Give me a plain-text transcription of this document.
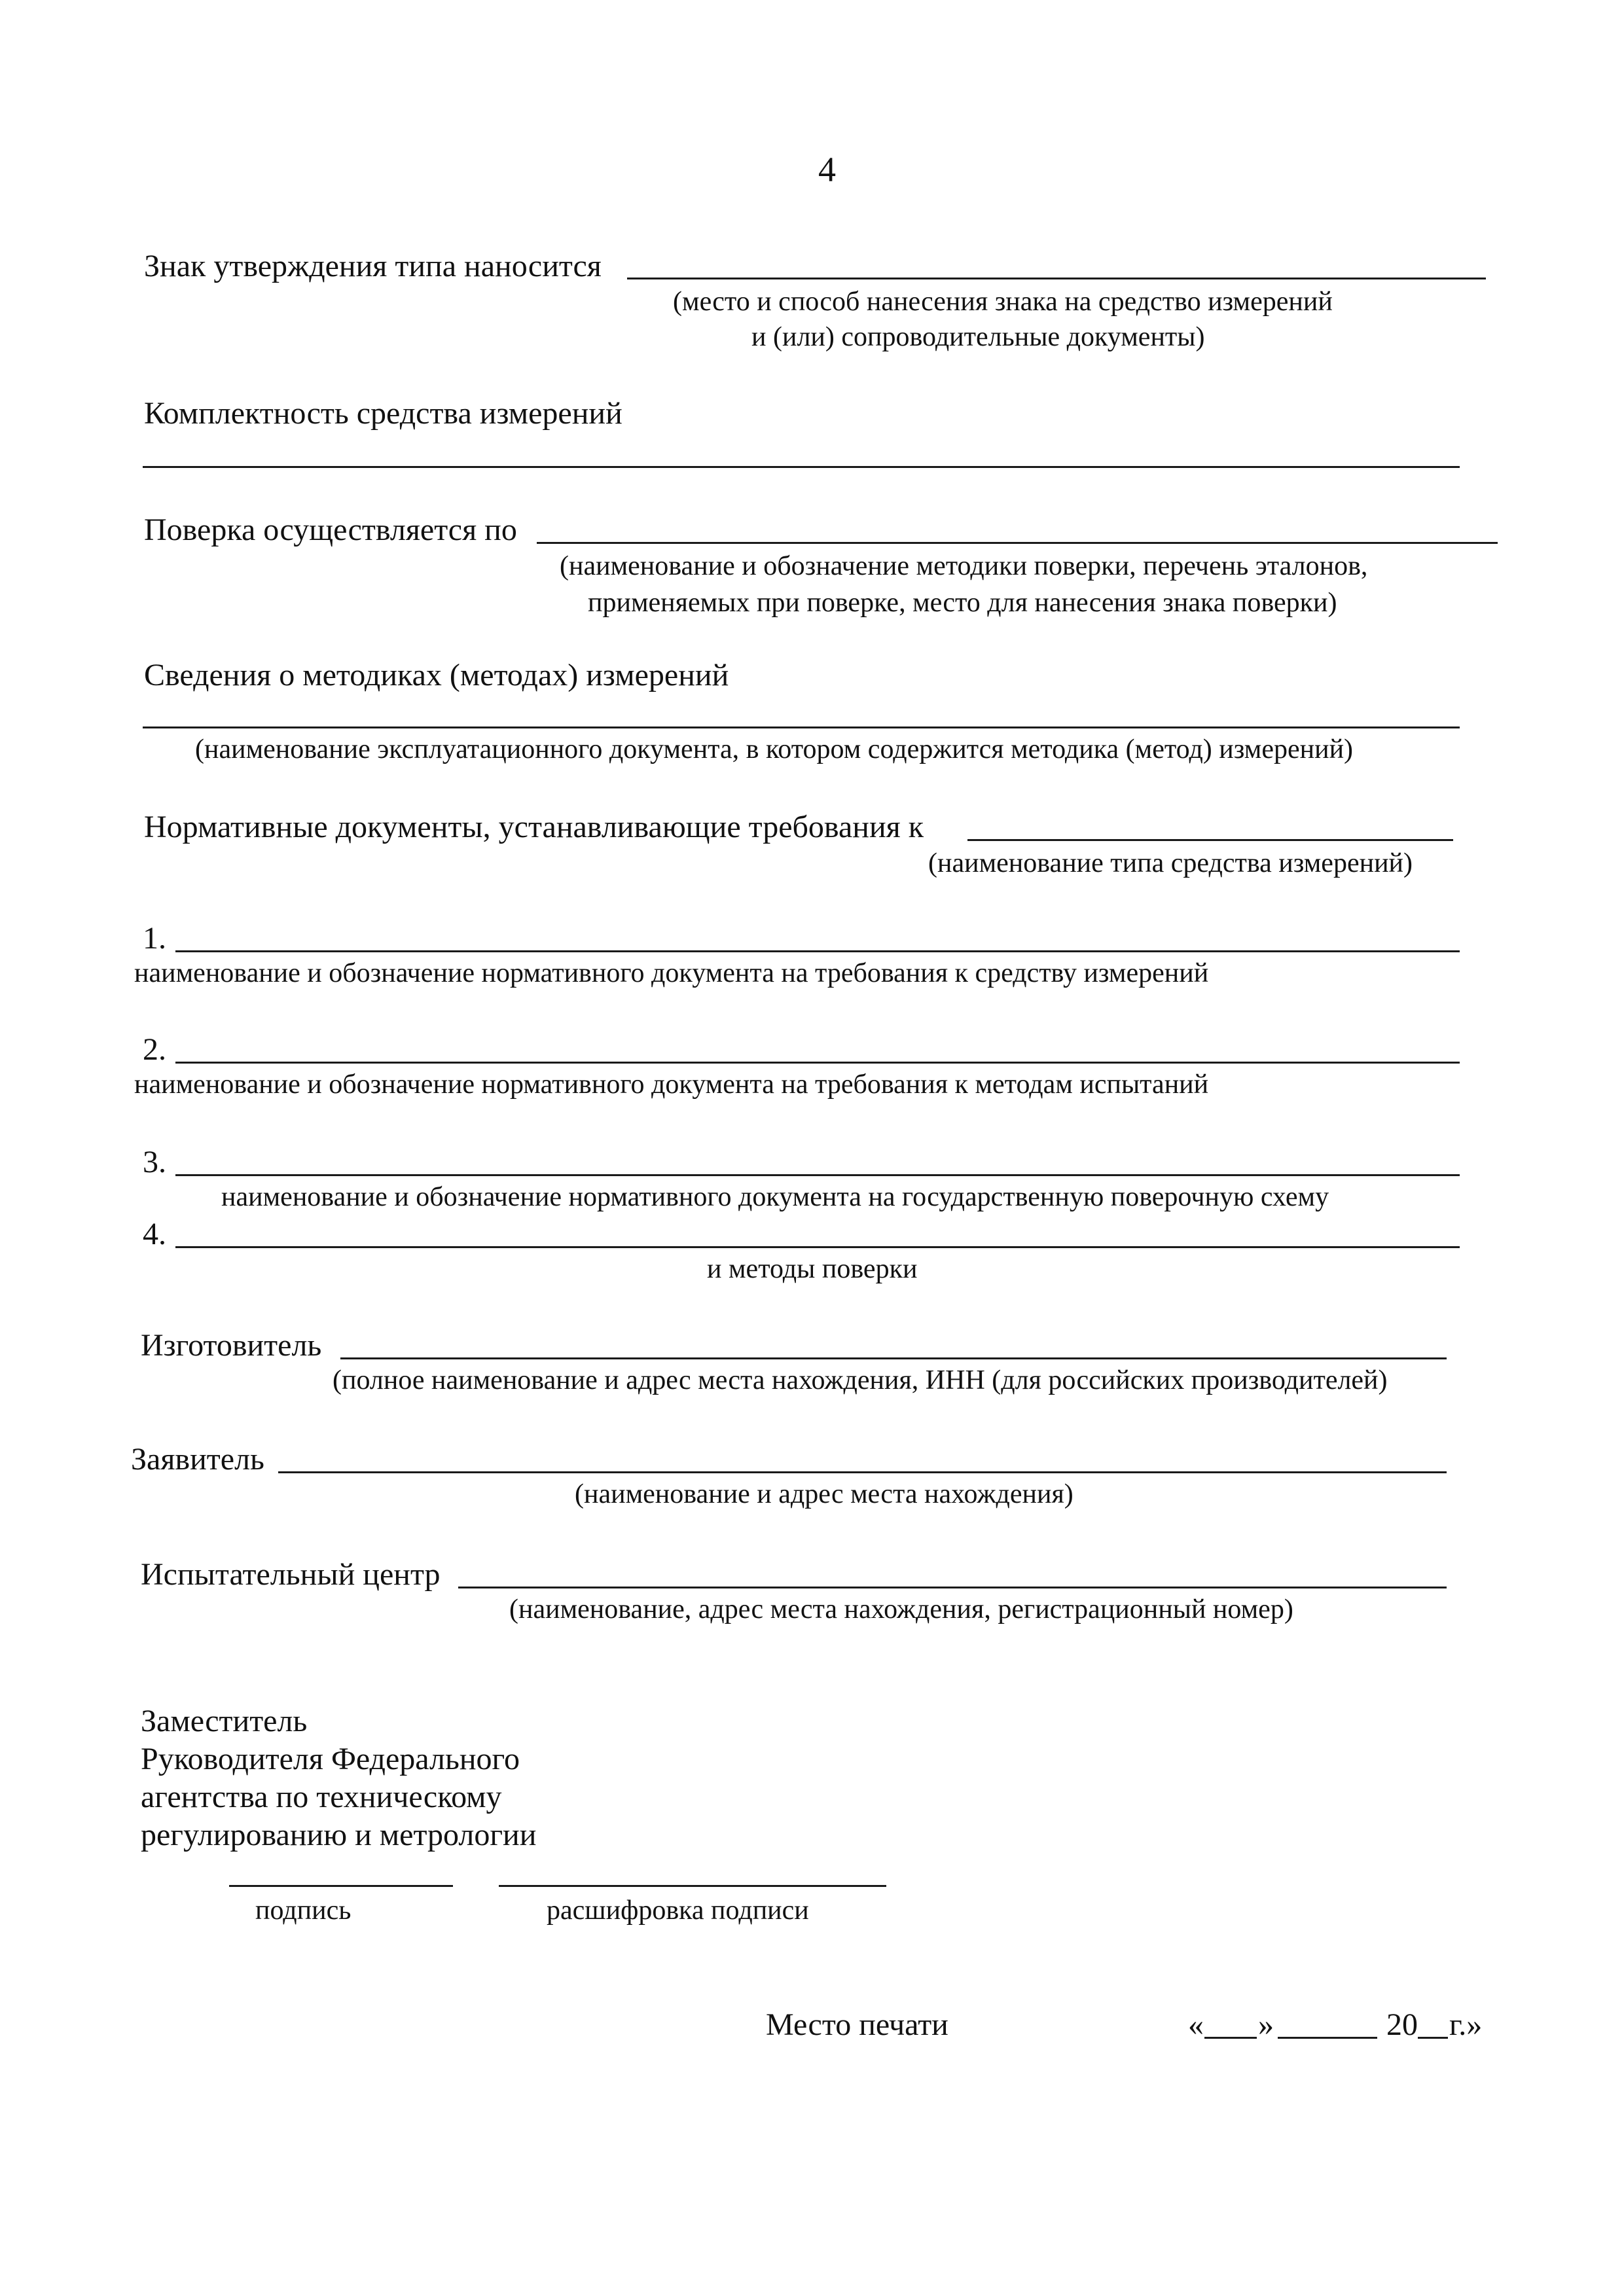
4
Знак утверждения типа наносится
(место и способ нанесения знака на средство измерений
и (или) сопроводительные документы)
Комплектность средства измерений
Поверка осуществляется по
(наименование и обозначение методики поверки, перечень эталонов,
применяемых при поверке, место для нанесения знака поверки)
Сведения о методиках (методах) измерений
(наименование эксплуатационного документа, в котором содержится методика (метод) измерений)
Нормативные документы, устанавливающие требования к
(наименование типа средства измерений)
1.
наименование и обозначение нормативного документа на требования к средству измерений
2.
наименование и обозначение нормативного документа на требования к методам испытаний
3.
наименование и обозначение нормативного документа на государственную поверочную схему
4.
и методы поверки
Изготовитель
(полное наименование и адрес места нахождения, ИНН (для российских производителей)
Заявитель
(наименование и адрес места нахождения)
Испытательный центр
(наименование, адрес места нахождения, регистрационный номер)
Заместитель
Руководителя Федерального
агентства по техническому
регулированию и метрологии
подпись	расшифровка подписи
Место печати	« »	20 г.»
